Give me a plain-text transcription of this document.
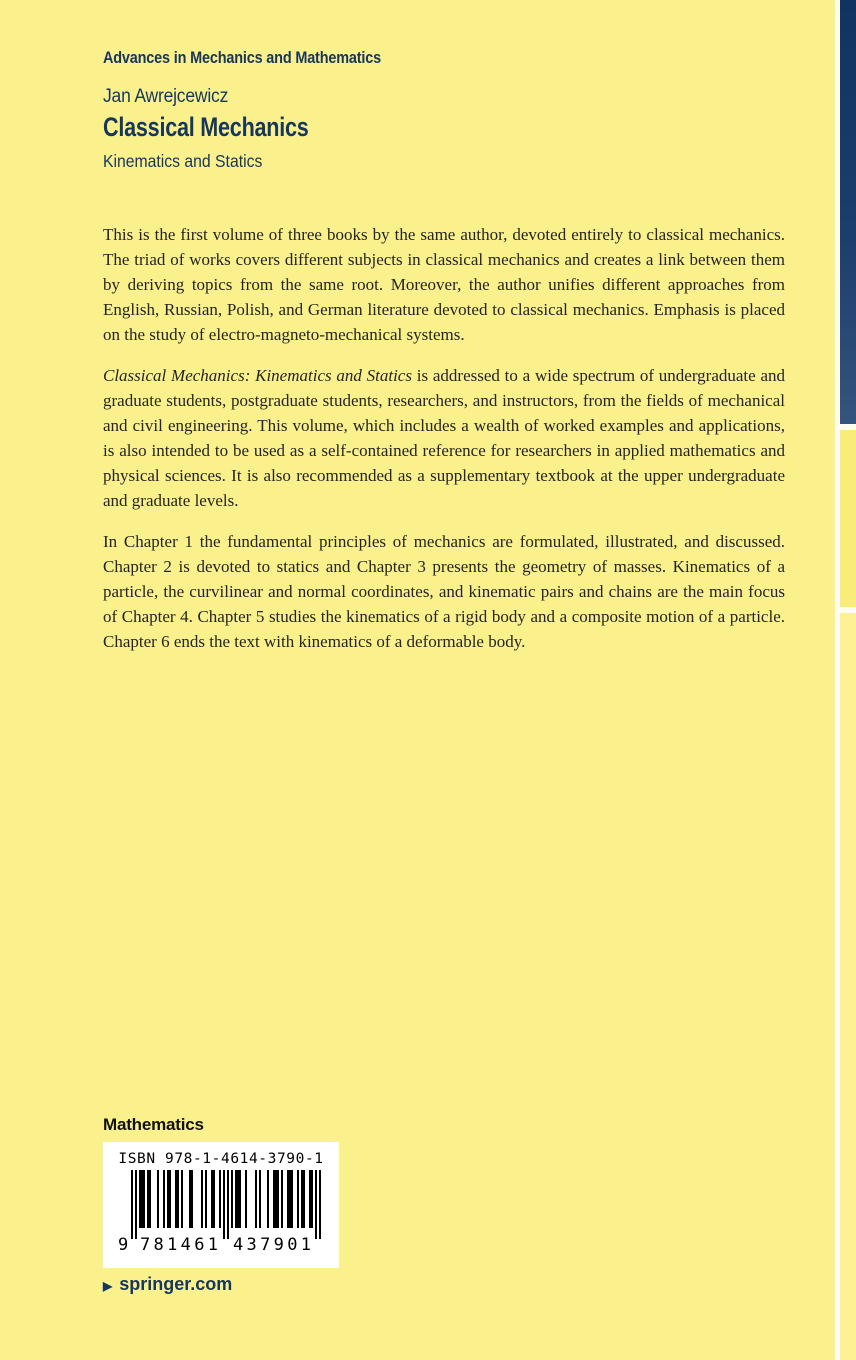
Advances in Mechanics and Mathematics
Jan Awrejcewicz
Classical Mechanics
Kinematics and Statics

This is the first volume of three books by the same author, devoted entirely to classical mechanics. The triad of works covers different subjects in classical mechanics and creates a link between them by deriving topics from the same root. Moreover, the author unifies different approaches from English, Russian, Polish, and German literature devoted to classical mechanics. Emphasis is placed on the study of electro-magneto-mechanical systems.

Classical Mechanics: Kinematics and Statics is addressed to a wide spectrum of undergraduate and graduate students, postgraduate students, researchers, and instructors, from the fields of mechanical and civil engineering. This volume, which includes a wealth of worked examples and applications, is also intended to be used as a self-contained reference for researchers in applied mathematics and physical sciences. It is also recommended as a supplementary textbook at the upper undergraduate and graduate levels.

In Chapter 1 the fundamental principles of mechanics are formulated, illustrated, and discussed. Chapter 2 is devoted to statics and Chapter 3 presents the geometry of masses. Kinematics of a particle, the curvilinear and normal coordinates, and kinematic pairs and chains are the main focus of Chapter 4. Chapter 5 studies the kinematics of a rigid body and a composite motion of a particle. Chapter 6 ends the text with kinematics of a deformable body.

Mathematics
ISBN 978-1-4614-3790-1
9 781461 437901
▶ springer.com
